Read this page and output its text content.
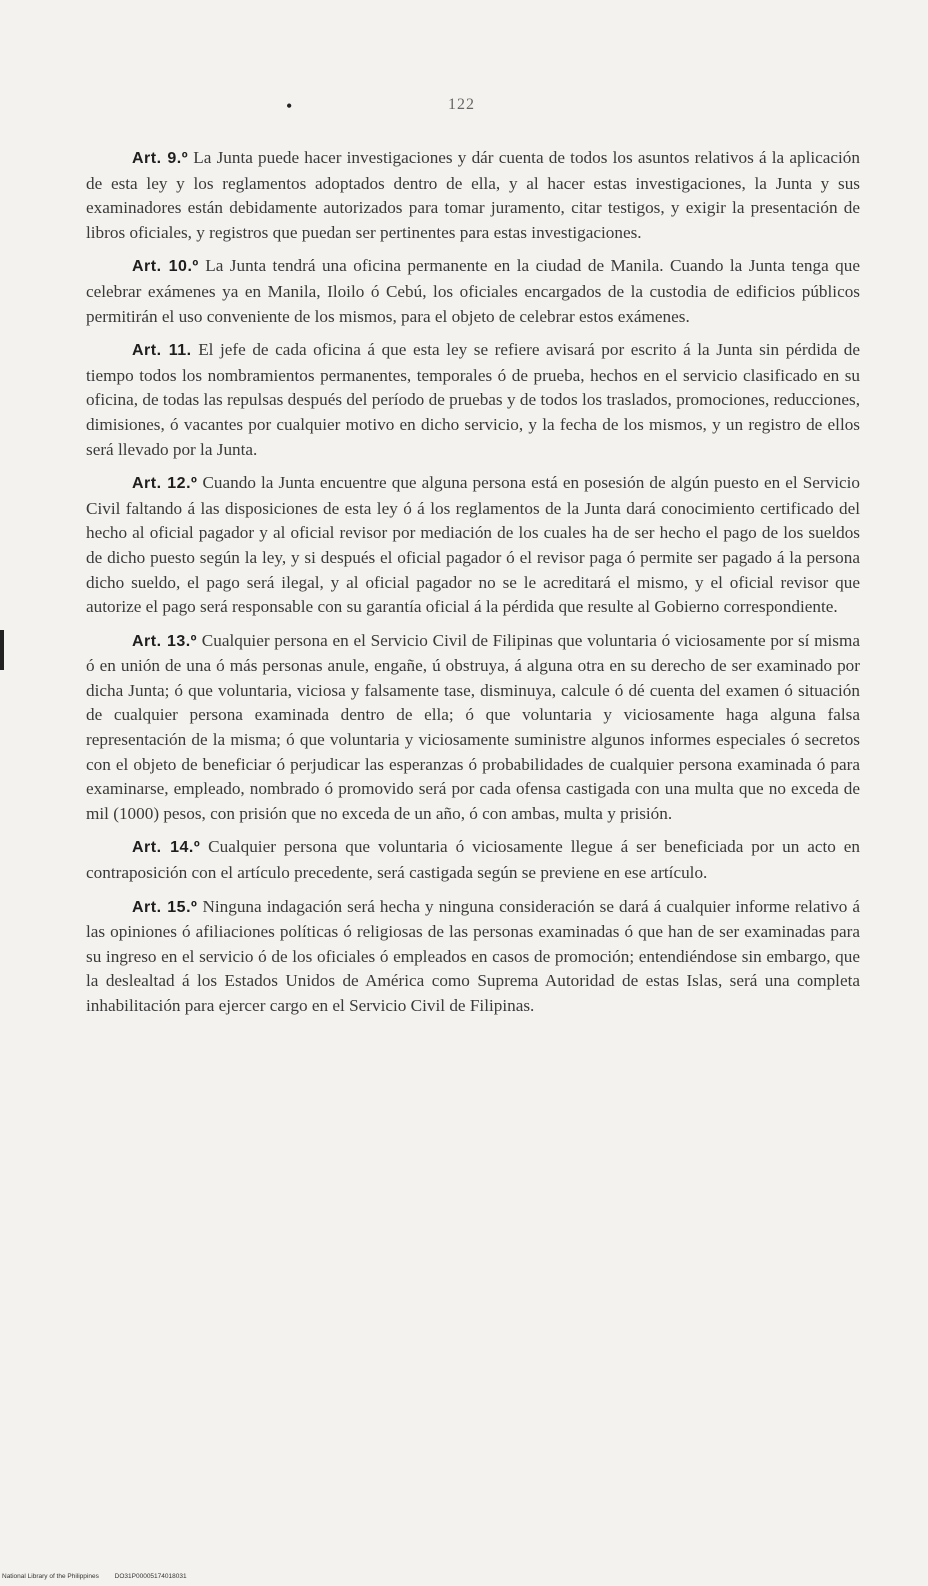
•	122

Art. 9.º La Junta puede hacer investigaciones y dár cuenta de todos los asuntos relativos á la aplicación de esta ley y los reglamentos adoptados dentro de ella, y al hacer estas investigaciones, la Junta y sus examinadores están debidamente autorizados para tomar juramento, citar testigos, y exigir la presentación de libros oficiales, y registros que puedan ser pertinentes para estas investigaciones.

Art. 10.º La Junta tendrá una oficina permanente en la ciudad de Manila. Cuando la Junta tenga que celebrar exámenes ya en Manila, Iloilo ó Cebú, los oficiales encargados de la custodia de edificios públicos permitirán el uso conveniente de los mismos, para el objeto de celebrar estos exámenes.

Art. 11. El jefe de cada oficina á que esta ley se refiere avisará por escrito á la Junta sin pérdida de tiempo todos los nombramientos permanentes, temporales ó de prueba, hechos en el servicio clasificado en su oficina, de todas las repulsas después del período de pruebas y de todos los traslados, promociones, reducciones, dimisiones, ó vacantes por cualquier motivo en dicho servicio, y la fecha de los mismos, y un registro de ellos será llevado por la Junta.

Art. 12.º Cuando la Junta encuentre que alguna persona está en posesión de algún puesto en el Servicio Civil faltando á las disposiciones de esta ley ó á los reglamentos de la Junta dará conocimiento certificado del hecho al oficial pagador y al oficial revisor por mediación de los cuales ha de ser hecho el pago de los sueldos de dicho puesto según la ley, y si después el oficial pagador ó el revisor paga ó permite ser pagado á la persona dicho sueldo, el pago será ilegal, y al oficial pagador no se le acreditará el mismo, y el oficial revisor que autorize el pago será responsable con su garantía oficial á la pérdida que resulte al Gobierno correspondiente.

Art. 13.º Cualquier persona en el Servicio Civil de Filipinas que voluntaria ó viciosamente por sí misma ó en unión de una ó más personas anule, engañe, ú obstruya, á alguna otra en su derecho de ser examinado por dicha Junta; ó que voluntaria, viciosa y falsamente tase, disminuya, calcule ó dé cuenta del examen ó situación de cualquier persona examinada dentro de ella; ó que voluntaria y viciosamente haga alguna falsa representación de la misma; ó que voluntaria y viciosamente suministre algunos informes especiales ó secretos con el objeto de beneficiar ó perjudicar las esperanzas ó probabilidades de cualquier persona examinada ó para examinarse, empleado, nombrado ó promovido será por cada ofensa castigada con una multa que no exceda de mil (1000) pesos, con prisión que no exceda de un año, ó con ambas, multa y prisión.

Art. 14.º Cualquier persona que voluntaria ó viciosamente llegue á ser beneficiada por un acto en contraposición con el artículo precedente, será castigada según se previene en ese artículo.

Art. 15.º Ninguna indagación será hecha y ninguna consideración se dará á cualquier informe relativo á las opiniones ó afiliaciones políticas ó religiosas de las personas examinadas ó que han de ser examinadas para su ingreso en el servicio ó de los oficiales ó empleados en casos de promoción; entendiéndose sin embargo, que la deslealtad á los Estados Unidos de América como Suprema Autoridad de estas Islas, será una completa inhabilitación para ejercer cargo en el Servicio Civil de Filipinas.

National Library of the Philippines DO31P00005174018031
